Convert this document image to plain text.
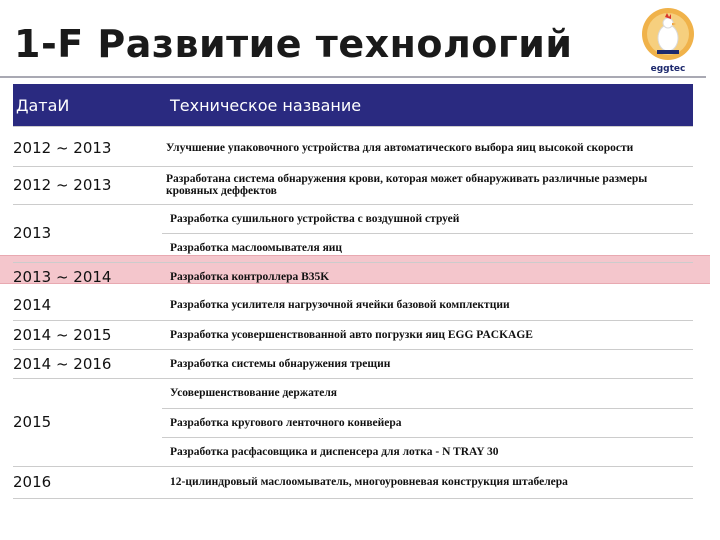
1-F Развитие технологий
eggtec
ДатаИ	Техническое название

2012 ~ 2013	Улучшение упаковочного устройства для автоматического выбора яиц высокой скорости
2012 ~ 2013	Разработана система обнаружения крови, которая может обнаруживать различные размеры кровяных деффектов
2013	Разработка сушильного устройства с воздушной струей
	Разработка маслоомывателя яиц
2013 ~ 2014	Разработка контроллера B35K
2014	Разработка усилителя нагрузочной ячейки базовой комплектции
2014 ~ 2015	Разработка усовершенствованной авто погрузки яиц EGG PACKAGE
2014 ~ 2016	Разработка системы обнаружения трещин
2015	Усовершенствование держателя
	Разработка кругового ленточного конвейера
	Разработка расфасовщика и диспенсера для лотка - N TRAY 30
2016	12-цилиндровый маслоомыватель, многоуровневая конструкция штабелера
